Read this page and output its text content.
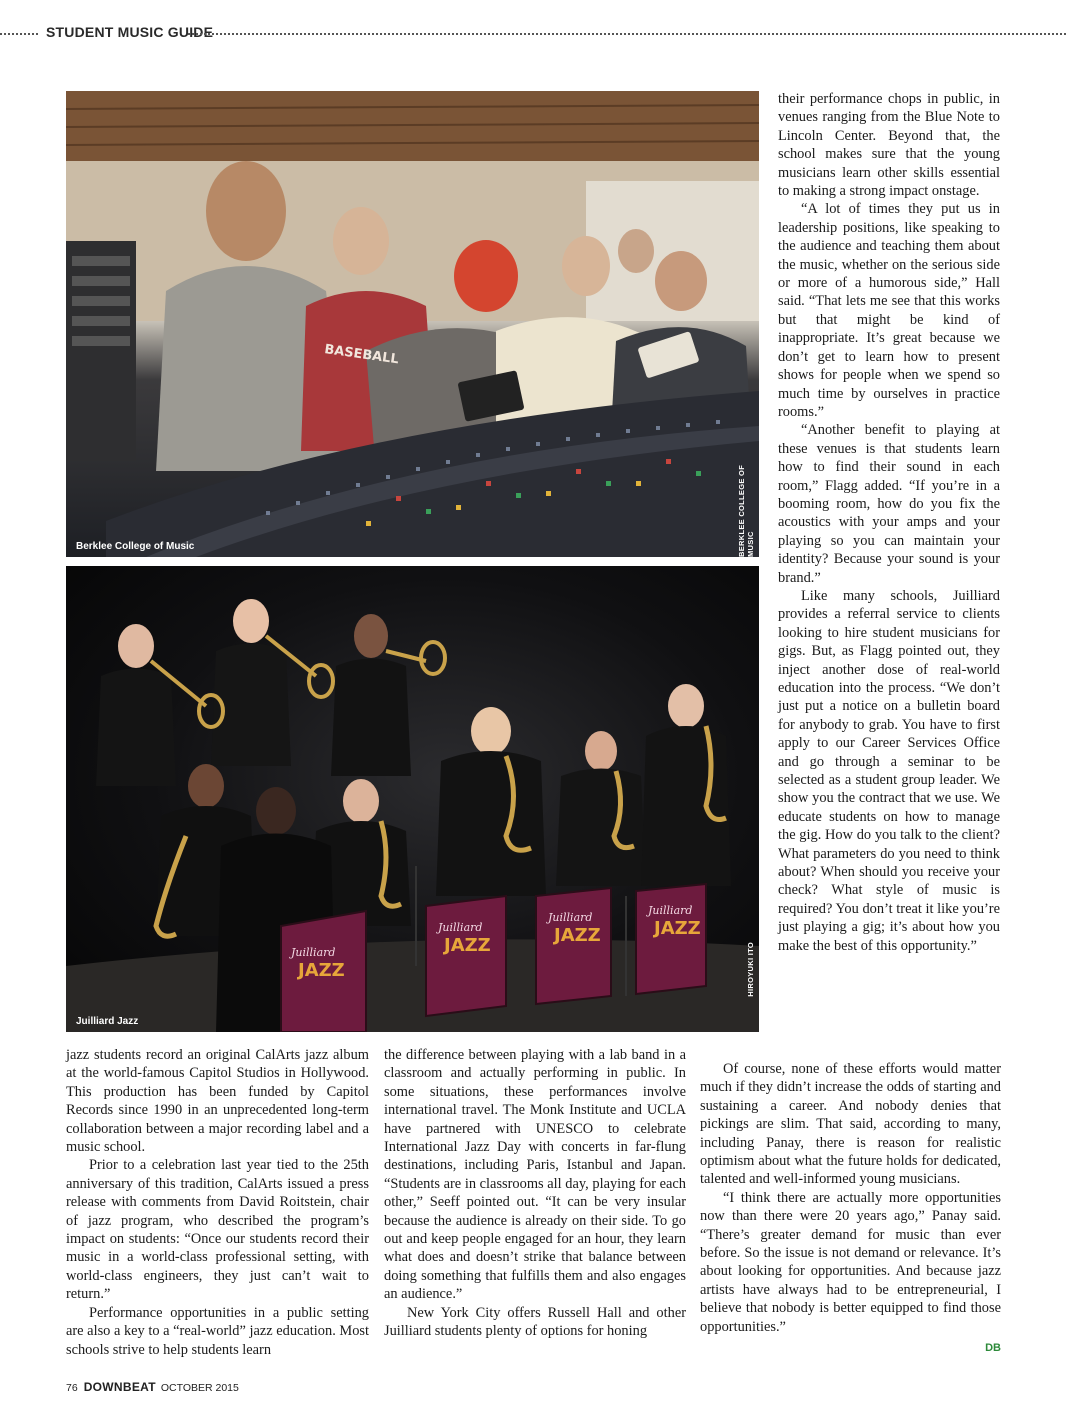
STUDENT MUSIC GUIDE
BASEBALL
Berklee College of Music	BERKLEE COLLEGE OF MUSIC
Juilliard
Juilliard
Juilliard
Juilliard
JAZZ
JAZZ	JAZZ	JAZZ
Juilliard Jazz
HIROYUKI ITO

their performance chops in public, in venues ranging from the Blue Note to Lincoln Center. Beyond that, the school makes sure that the young musicians learn other skills essential to making a strong impact onstage.

“A lot of times they put us in leadership positions, like speaking to the audience and teaching them about the music, whether on the serious side or more of a humorous side,” Hall said. “That lets me see that this works but that might be kind of inappropriate. It’s great because we don’t get to learn how to present shows for people when we spend so much time by ourselves in practice rooms.”

“Another benefit to playing at these venues is that students learn how to find their sound in each room,” Flagg added. “If you’re in a booming room, how do you fix the acoustics with your amps and your playing so you can maintain your identity? Because your sound is your brand.”

Like many schools, Juilliard provides a referral service to clients looking to hire student musicians for gigs. But, as Flagg pointed out, they inject another dose of real-world education into the process. “We don’t just put a notice on a bulletin board for anybody to grab. You have to first apply to our Career Services Office and go through a seminar to be selected as a student group leader. We show you the contract that we use. We educate students on how to manage the gig. How do you talk to the client? What parameters do you need to think about? When should you receive your check? What style of music is required? You don’t treat it like you’re just playing a gig; it’s about how you make the best of this opportunity.”

jazz students record an original CalArts jazz album at the world-famous Capitol Studios in Hollywood. This production has been funded by Capitol Records since 1990 in an unprecedented long-term collaboration between a major recording label and a music school.

Prior to a celebration last year tied to the 25th anniversary of this tradition, CalArts issued a press release with comments from David Roitstein, chair of jazz program, who described the program’s impact on students: “Once our students record their music in a world-class professional setting, with world-class engineers, they just can’t wait to return.”

Performance opportunities in a public setting are also a key to a “real-world” jazz education. Most schools strive to help students learn

the difference between playing with a lab band in a classroom and actually performing in public. In some situations, these performances involve international travel. The Monk Institute and UCLA have partnered with UNESCO to celebrate International Jazz Day with concerts in far-flung destinations, including Paris, Istanbul and Japan. “Students are in classrooms all day, playing for each other,” Seeff pointed out. “It can be very insular because the audience is already on their side. To go out and keep people engaged for an hour, they learn what does and doesn’t strike that balance between doing something that fulfills them and also engages an audience.”

New York City offers Russell Hall and other Juilliard students plenty of options for honing

Of course, none of these efforts would matter much if they didn’t increase the odds of starting and sustaining a career. And nobody denies that pickings are slim. That said, according to many, including Panay, there is reason for realistic optimism about what the future holds for dedicated, talented and well-informed young musicians.

“I think there are actually more opportunities now than there were 20 years ago,” Panay said. “There’s greater demand for music than ever before. So the issue is not demand or relevance. It’s about looking for opportunities. And because jazz artists have always had to be entrepreneurial, I believe that nobody is better equipped to find those opportunities.”

DB
76 DOWNBEAT OCTOBER 2015
